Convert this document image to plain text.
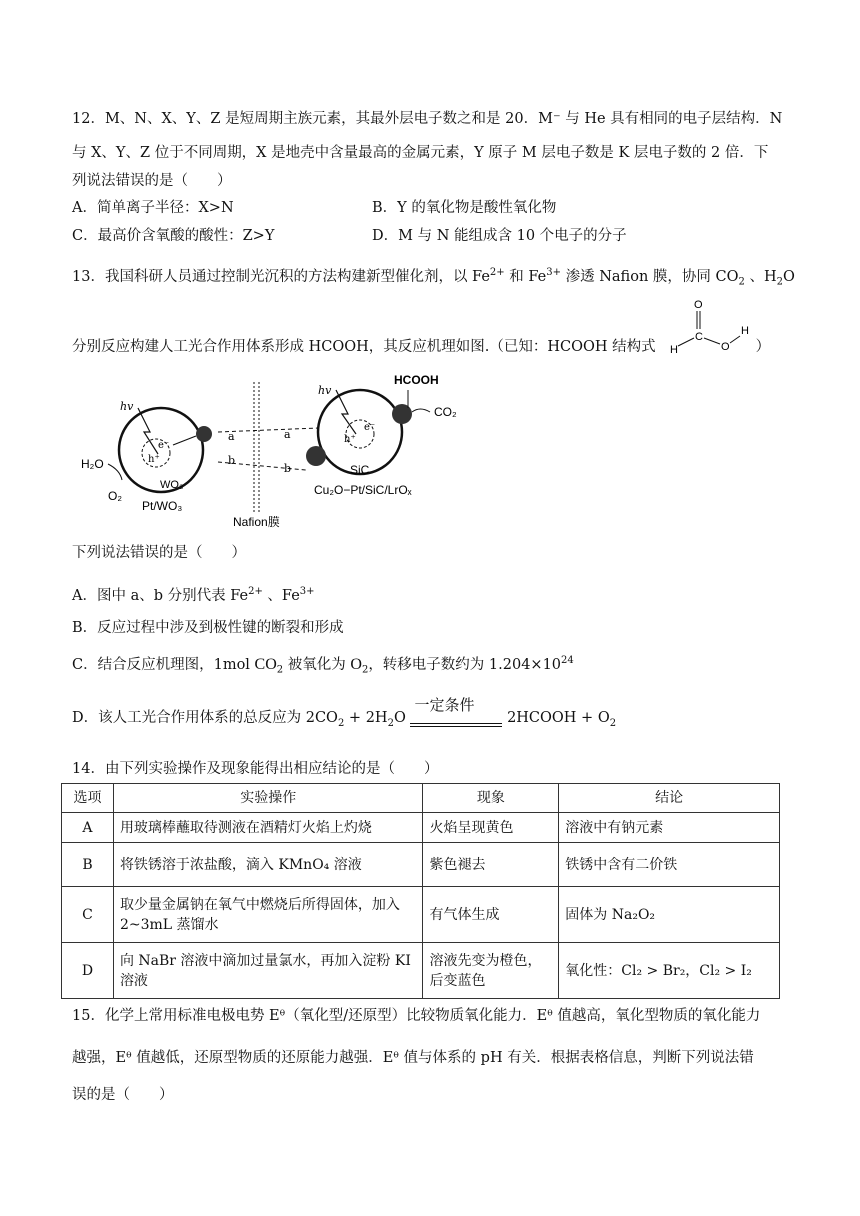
12．M、N、X、Y、Z 是短周期主族元素，其最外层电子数之和是 20．M⁻ 与 He 具有相同的电子层结构．N
与 X、Y、Z 位于不同周期，X 是地壳中含量最高的金属元素，Y 原子 M 层电子数是 K 层电子数的 2 倍．下
列说法错误的是（　　）
A．简单离子半径：X>N	B．Y 的氧化物是酸性氧化物
C．最高价含氧酸的酸性：Z>Y	D．M 与 N 能组成含 10 个电子的分子
13．我国科研人员通过控制光沉积的方法构建新型催化剂，以 $Fe^{2+}$ 和 $Fe^{3+}$ 渗透 Nafion 膜，协同 $CO_2$ 、$H_2O$
分别反应构建人工光合作用体系形成 HCOOH，其反应机理如图.（已知：HCOOH 结构式	）
O
C
H	O
H
hv
e⁻
h⁺
H₂O
O₂
WO₃
Pt/WO₃
a
b
a
b
Nafion膜
hv
e⁻
h⁺
HCOOH
CO₂
SiC
Cu₂O−Pt/SiC/LrOₓ
下列说法错误的是（　　）
A．图中 a、b 分别代表 $Fe^{2+}$ 、$Fe^{3+}$
B．反应过程中涉及到极性键的断裂和形成
C．结合反应机理图，1mol $CO_2$ 被氧化为 $O_2$，转移电子数约为 $1.204\times 10^{24}$
D．该人工光合作用体系的总反应为 $2CO_2 + 2H_2O$
一定条件
2HCOOH + $O_2$
14．由下列实验操作及现象能得出相应结论的是（　　）
选项	实验操作	现象	结论
A	用玻璃棒蘸取待测液在酒精灯火焰上灼烧	火焰呈现黄色	溶液中有钠元素
B	将铁锈溶于浓盐酸，滴入 KMnO₄ 溶液	紫色褪去	铁锈中含有二价铁
C	取少量金属钠在氧气中燃烧后所得固体，加入 2~3mL 蒸馏水	有气体生成	固体为 Na₂O₂
D	向 NaBr 溶液中滴加过量氯水，再加入淀粉 KI 溶液	溶液先变为橙色，后变蓝色	氧化性：Cl₂ > Br₂，Cl₂ > I₂
15．化学上常用标准电极电势 Eᶿ（氧化型/还原型）比较物质氧化能力．Eᶿ 值越高，氧化型物质的氧化能力
越强，Eᶿ 值越低，还原型物质的还原能力越强．Eᶿ 值与体系的 pH 有关．根据表格信息，判断下列说法错
误的是（　　）
